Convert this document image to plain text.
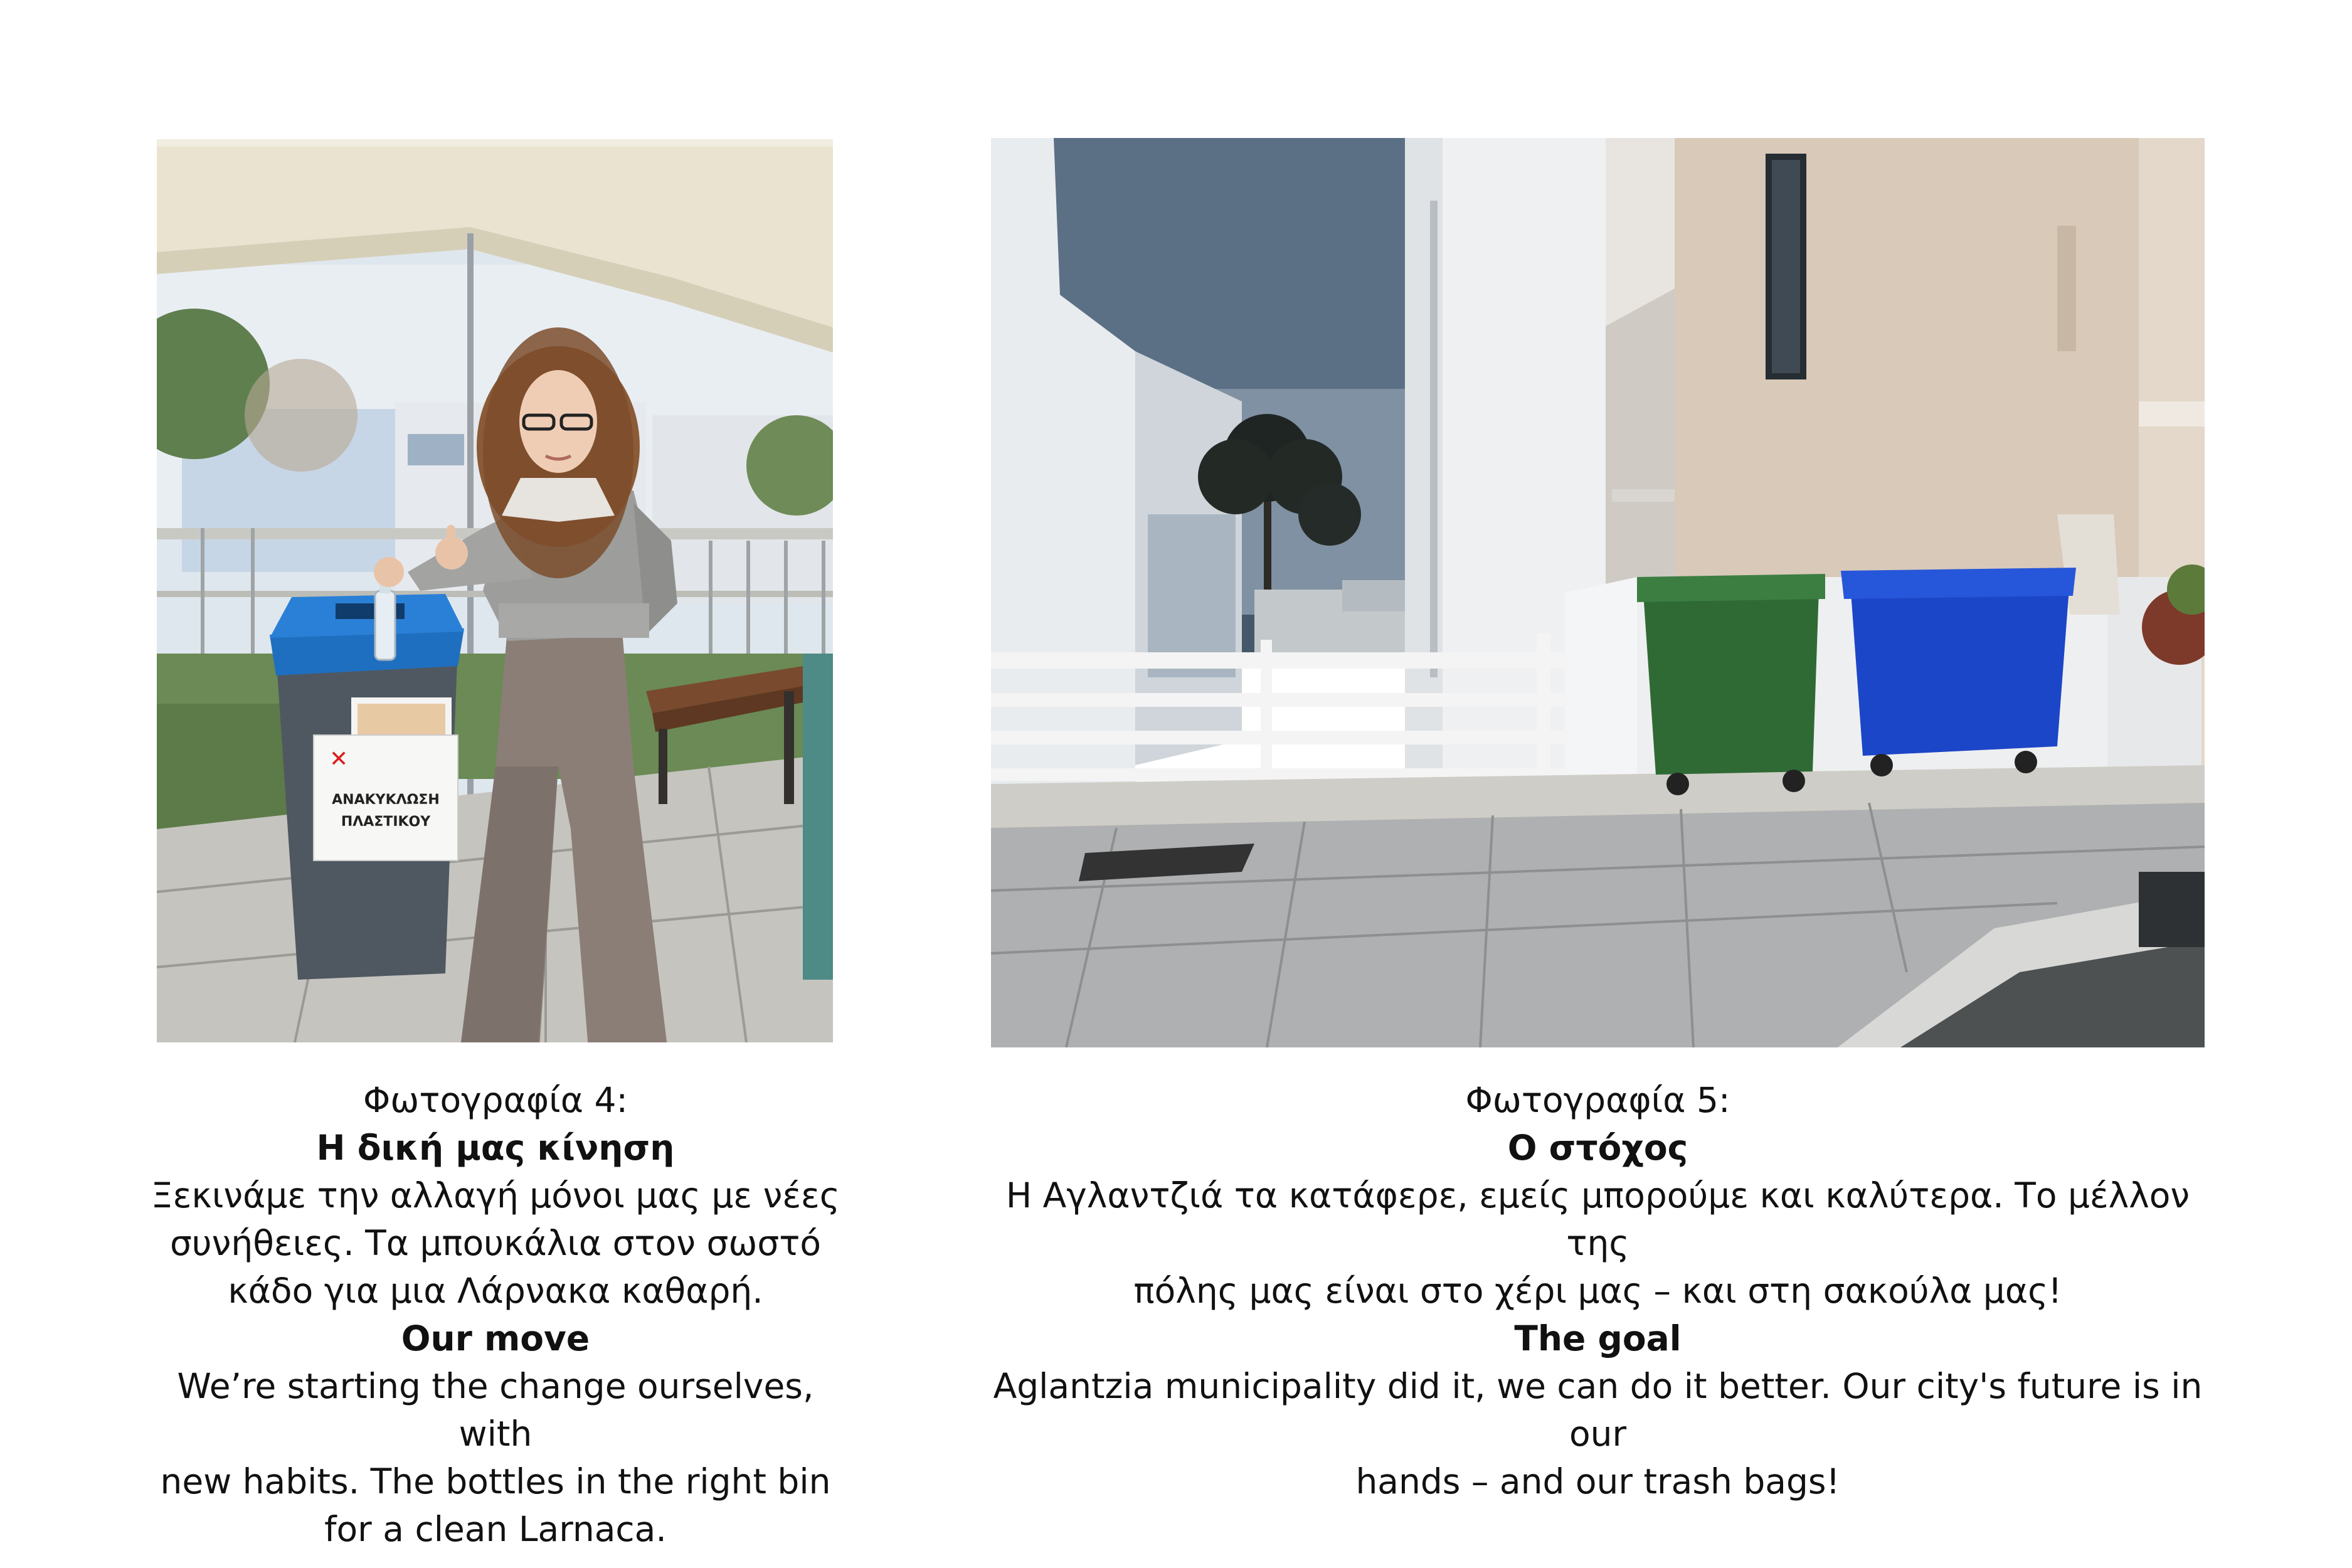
✕
ΑΝΑΚΥΚΛΩΣΗ
ΠΛΑΣΤΙΚΟΥ
Φωτογραφία 4:
Η δική μας κίνηση
Ξεκινάμε την αλλαγή μόνοι μας με νέες
συνήθειες. Τα μπουκάλια στον σωστό
κάδο για μια Λάρνακα καθαρή.
Our move
We’re starting the change ourselves, with
new habits. The bottles in the right bin
for a clean Larnaca.
Φωτογραφία 5:
Ο στόχος
Η Αγλαντζιά τα κατάφερε, εμείς μπορούμε και καλύτερα. Το μέλλον της
πόλης μας είναι στο χέρι μας – και στη σακούλα μας!
The goal
Aglantzia municipality did it, we can do it better. Our city's future is in our
hands – and our trash bags!
